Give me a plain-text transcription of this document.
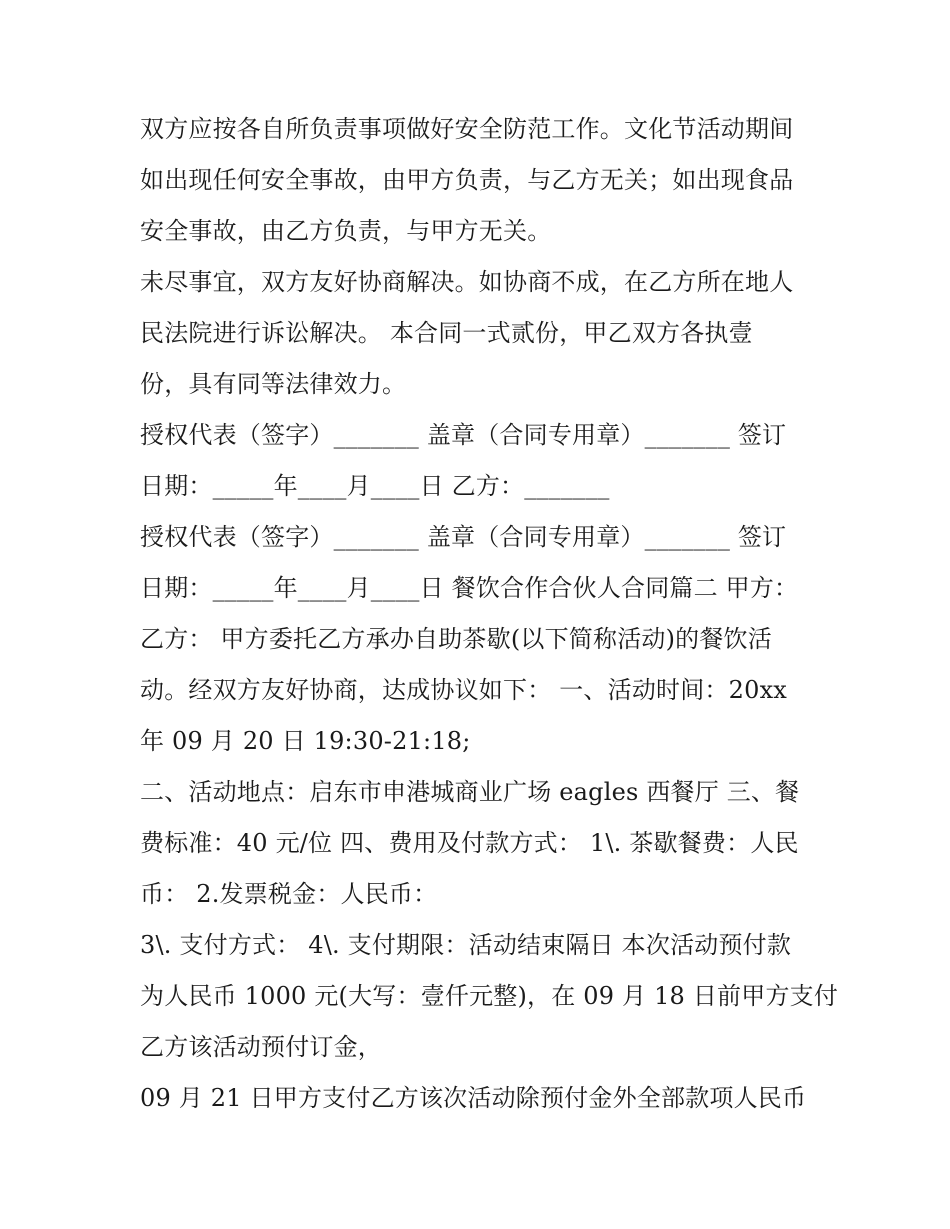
双方应按各自所负责事项做好安全防范工作。文化节活动期间
如出现任何安全事故，由甲方负责，与乙方无关；如出现食品
安全事故，由乙方负责，与甲方无关。
未尽事宜，双方友好协商解决。如协商不成，在乙方所在地人
民法院进行诉讼解决。 本合同一式贰份，甲乙双方各执壹
份，具有同等法律效力。
授权代表（签字）_______ 盖章（合同专用章）_______ 签订
日期：_____年____月____日 乙方：_______
授权代表（签字）_______ 盖章（合同专用章）_______ 签订
日期：_____年____月____日 餐饮合作合伙人合同篇二 甲方：
乙方： 甲方委托乙方承办自助茶歇(以下简称活动)的餐饮活
动。经双方友好协商，达成协议如下： 一、活动时间：20xx
年 09 月 20 日 19:30-21:18;
二、活动地点：启东市申港城商业广场 eagles 西餐厅 三、餐
费标准：40 元/位 四、费用及付款方式： 1\. 茶歇餐费：人民
币： 2.发票税金：人民币：
3\. 支付方式： 4\. 支付期限：活动结束隔日 本次活动预付款
为人民币 1000 元(大写：壹仟元整)，在 09 月 18 日前甲方支付
乙方该活动预付订金，
09 月 21 日甲方支付乙方该次活动除预付金外全部款项人民币
